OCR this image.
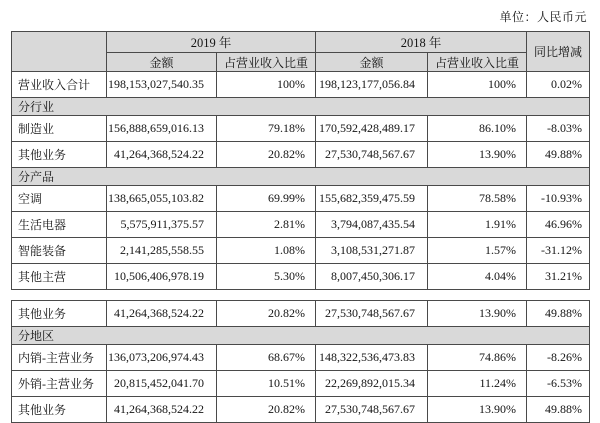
单位：人民币元
	2019 年		2018 年		同比增减
	金额	占营业收入比重	金额	占营业收入比重	
营业收入合计	198,153,027,540.35	100%	198,123,177,056.84	100%	0.02%
分行业					
制造业	156,888,659,016.13	79.18%	170,592,428,489.17	86.10%	-8.03%
其他业务	41,264,368,524.22	20.82%	27,530,748,567.67	13.90%	49.88%
分产品					
空调	138,665,055,103.82	69.99%	155,682,359,475.59	78.58%	-10.93%
生活电器	5,575,911,375.57	2.81%	3,794,087,435.54	1.91%	46.96%
智能装备	2,141,285,558.55	1.08%	3,108,531,271.87	1.57%	-31.12%
其他主营	10,506,406,978.19	5.30%	8,007,450,306.17	4.04%	31.21%
其他业务	41,264,368,524.22	20.82%	27,530,748,567.67	13.90%	49.88%
分地区					
内销-主营业务	136,073,206,974.43	68.67%	148,322,536,473.83	74.86%	-8.26%
外销-主营业务	20,815,452,041.70	10.51%	22,269,892,015.34	11.24%	-6.53%
其他业务	41,264,368,524.22	20.82%	27,530,748,567.67	13.90%	49.88%
